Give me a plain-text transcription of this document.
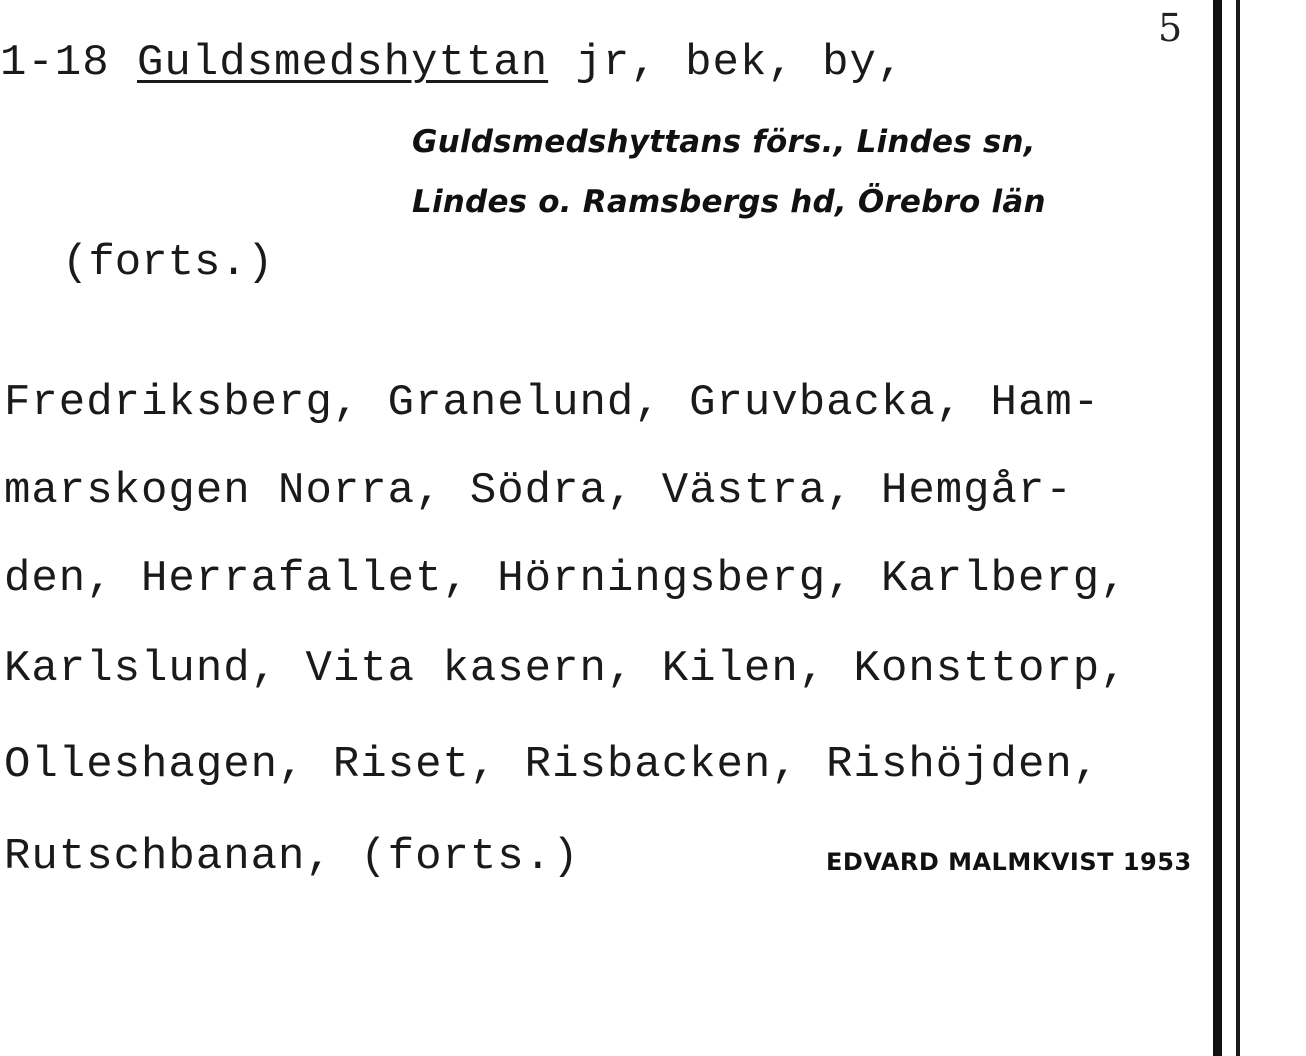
5
1-18 Guldsmedshyttan jr, bek, by,
Guldsmedshyttans förs., Lindes sn,
Lindes o. Ramsbergs hd, Örebro län
(forts.)
Fredriksberg, Granelund, Gruvbacka, Ham-
marskogen Norra, Södra, Västra, Hemgår-
den, Herrafallet, Hörningsberg, Karlberg,
Karlslund, Vita kasern, Kilen, Konsttorp,
Olleshagen, Riset, Risbacken, Rishöjden,
Rutschbanan, (forts.)	EDVARD MALMKVIST 1953
